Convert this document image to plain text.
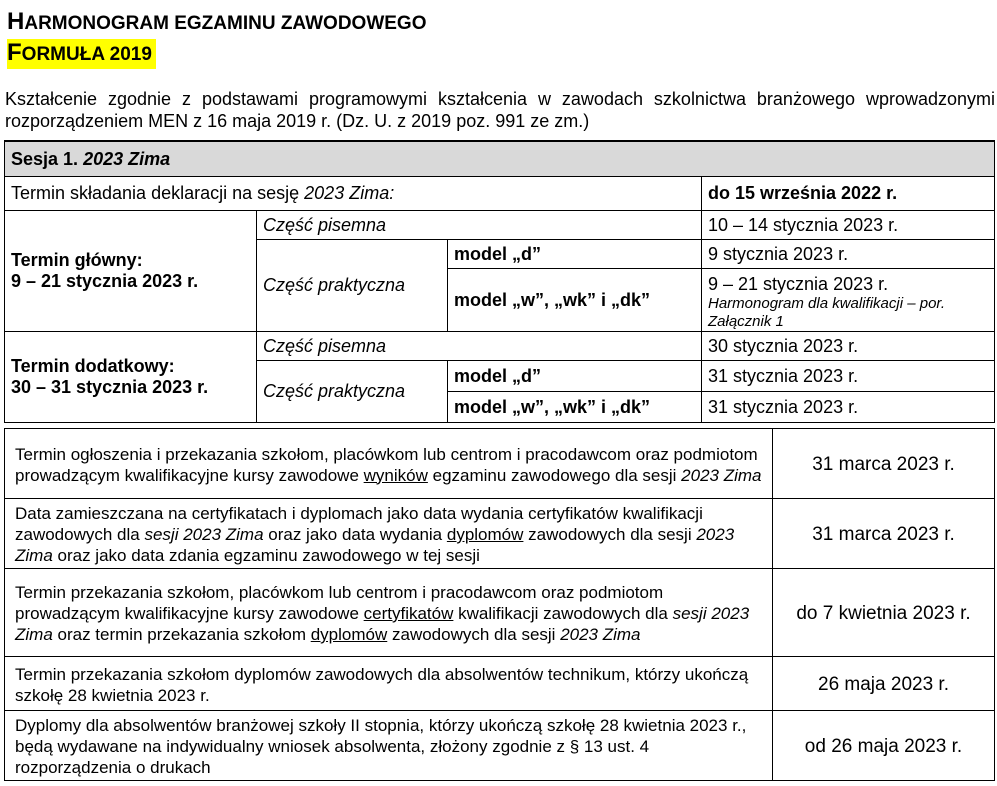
HARMONOGRAM EGZAMINU ZAWODOWEGO
FORMUŁA 2019
Kształcenie zgodnie z podstawami programowymi kształcenia w zawodach szkolnictwa branżowego wprowadzonymi rozporządzeniem MEN z 16 maja 2019 r. (Dz. U. z 2019 poz. 991 ze zm.)
Sesja 1. 2023 Zima			
Termin składania deklaracji na sesję 2023 Zima:			do 15 września 2022 r.

Termin główny:
9 – 21 stycznia 2023 r.	Część pisemna		10 – 14 stycznia 2023 r.
	Część praktyczna	model „d”	9 stycznia 2023 r.
		model „w”, „wk” i „dk”	9 – 21 stycznia 2023 r.
			Harmonogram dla kwalifikacji – por. Załącznik 1

Termin dodatkowy:
30 – 31 stycznia 2023 r.	Część pisemna		30 stycznia 2023 r.
	Część praktyczna	model „d”	31 stycznia 2023 r.
		model „w”, „wk” i „dk”	31 stycznia 2023 r.
Termin ogłoszenia i przekazania szkołom, placówkom lub centrom i pracodawcom oraz podmiotom prowadzącym kwalifikacyjne kursy zawodowe wyników egzaminu zawodowego dla sesji 2023 Zima	31 marca 2023 r.
Data zamieszczana na certyfikatach i dyplomach jako data wydania certyfikatów kwalifikacji zawodowych dla sesji 2023 Zima oraz jako data wydania dyplomów zawodowych dla sesji 2023 Zima oraz jako data zdania egzaminu zawodowego w tej sesji	31 marca 2023 r.
Termin przekazania szkołom, placówkom lub centrom i pracodawcom oraz podmiotom prowadzącym kwalifikacyjne kursy zawodowe certyfikatów kwalifikacji zawodowych dla sesji 2023 Zima oraz termin przekazania szkołom dyplomów zawodowych dla sesji 2023 Zima	do 7 kwietnia 2023 r.
Termin przekazania szkołom dyplomów zawodowych dla absolwentów technikum, którzy ukończą szkołę 28 kwietnia 2023 r.	26 maja 2023 r.
Dyplomy dla absolwentów branżowej szkoły II stopnia, którzy ukończą szkołę 28 kwietnia 2023 r., będą wydawane na indywidualny wniosek absolwenta, złożony zgodnie z § 13 ust. 4 rozporządzenia o drukach	od 26 maja 2023 r.
